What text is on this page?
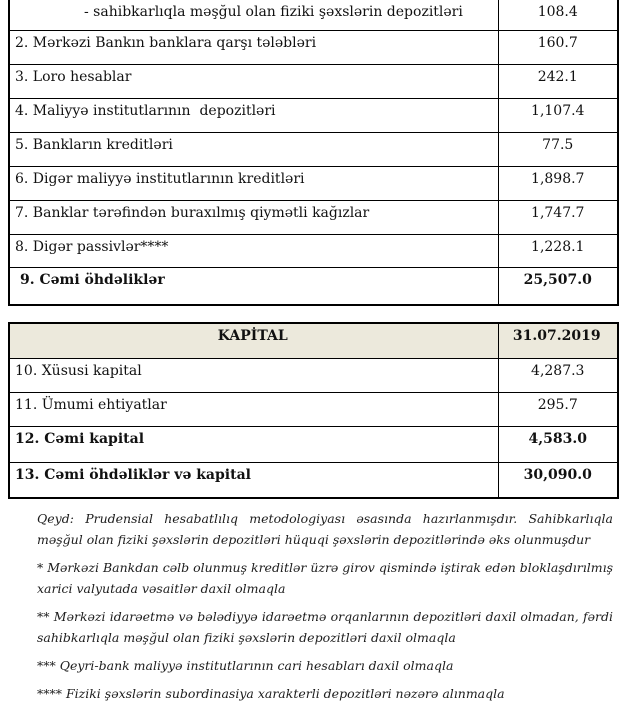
- sahibkarlıqla məşğul olan fiziki şəxslərin depozitləri	108.4
2. Mərkəzi Bankın banklara qarşı tələbləri	160.7
3. Loro hesablar	242.1
4. Maliyyə institutlarının  depozitləri	1,107.4
5. Bankların kreditləri	77.5
6. Digər maliyyə institutlarının kreditləri	1,898.7
7. Banklar tərəfindən buraxılmış qiymətli kağızlar	1,747.7
8. Digər passivlər****	1,228.1
9. Cəmi öhdəliklər	25,507.0
KAPİTAL	31.07.2019
10. Xüsusi kapital	4,287.3
11. Ümumi ehtiyatlar	295.7
12. Cəmi kapital	4,583.0
13. Cəmi öhdəliklər və kapital	30,090.0

Qeyd: Prudensial hesabatlılıq metodologiyası əsasında hazırlanmışdır. Sahibkarlıqla məşğul olan fiziki şəxslərin depozitləri hüquqi şəxslərin depozitlərində əks olunmuşdur

* Mərkəzi Bankdan cəlb olunmuş kreditlər üzrə girov qismində iştirak edən bloklaşdırılmış xarici valyutada vəsaitlər daxil olmaqla

** Mərkəzi idarəetmə və bələdiyyə idarəetmə orqanlarının depozitləri daxil olmadan, fərdi sahibkarlıqla məşğul olan fiziki şəxslərin depozitləri daxil olmaqla

*** Qeyri-bank maliyyə institutlarının cari hesabları daxil olmaqla

**** Fiziki şəxslərin subordinasiya xarakterli depozitləri nəzərə alınmaqla
